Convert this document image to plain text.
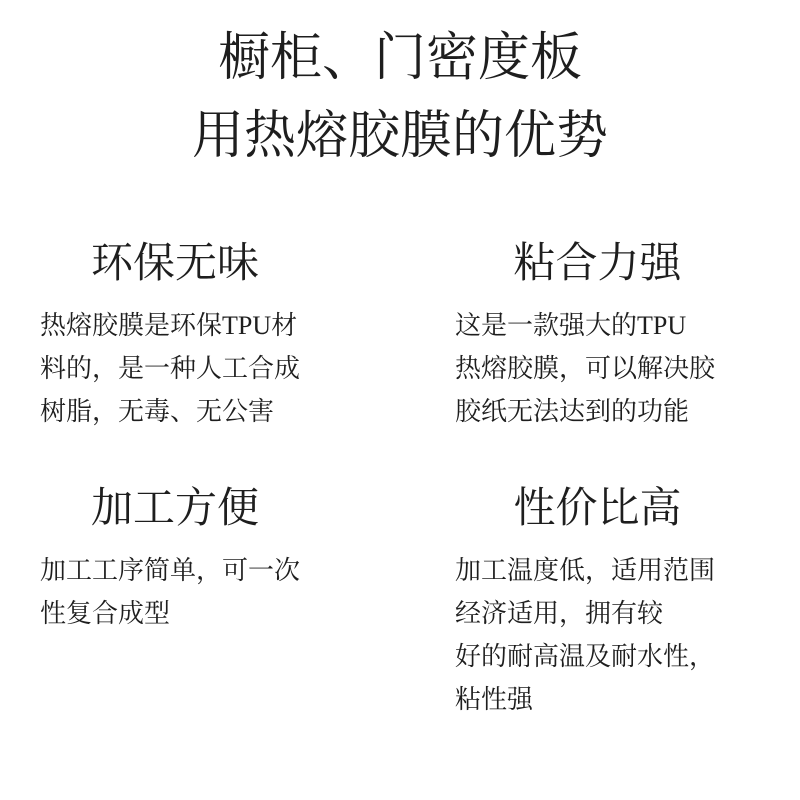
橱柜、门密度板
用热熔胶膜的优势
环保无味
热熔胶膜是环保TPU材
料的，是一种人工合成
树脂，无毒、无公害
粘合力强
这是一款强大的TPU
热熔胶膜，可以解决胶
胶纸无法达到的功能
加工方便
加工工序简单，可一次
性复合成型
性价比高
加工温度低，适用范围
经济适用，拥有较
好的耐高温及耐水性，
粘性强
